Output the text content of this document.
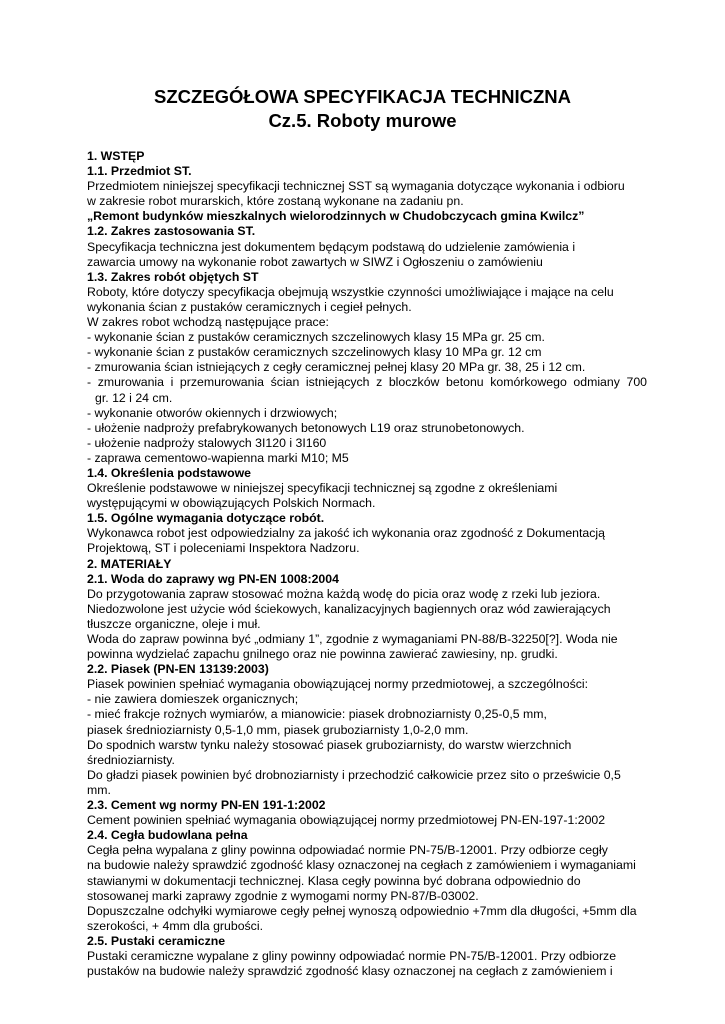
SZCZEGÓŁOWA SPECYFIKACJA TECHNICZNA
Cz.5. Roboty murowe
1. WSTĘP
1.1. Przedmiot ST.
Przedmiotem niniejszej specyfikacji technicznej SST są wymagania dotyczące wykonania i odbioru
w zakresie robot murarskich, które zostaną wykonane na zadaniu pn.
„Remont budynków mieszkalnych wielorodzinnych w Chudobczycach gmina Kwilcz”
1.2. Zakres zastosowania ST.
Specyfikacja techniczna jest dokumentem będącym podstawą do udzielenie zamówienia i
zawarcia umowy na wykonanie robot zawartych w SIWZ i Ogłoszeniu o zamówieniu
1.3. Zakres robót objętych ST
Roboty, które dotyczy specyfikacja obejmują wszystkie czynności umożliwiające i mające na celu
wykonania ścian z pustaków ceramicznych i cegieł pełnych.
W zakres robot wchodzą następujące prace:
- wykonanie ścian z pustaków ceramicznych szczelinowych klasy 15 MPa gr. 25 cm.
- wykonanie ścian z pustaków ceramicznych szczelinowych klasy 10 MPa gr. 12 cm
- zmurowania ścian istniejących z cegły ceramicznej pełnej klasy 20 MPa gr. 38, 25 i 12 cm.
- zmurowania i przemurowania ścian istniejących z bloczków betonu komórkowego odmiany 700
gr. 12 i 24 cm.
- wykonanie otworów okiennych i drzwiowych;
- ułożenie nadproży prefabrykowanych betonowych L19 oraz strunobetonowych.
- ułożenie nadproży stalowych 3I120 i 3I160
- zaprawa cementowo-wapienna marki M10; M5
1.4. Określenia podstawowe
Określenie podstawowe w niniejszej specyfikacji technicznej są zgodne z określeniami
występującymi w obowiązujących Polskich Normach.
1.5. Ogólne wymagania dotyczące robót.
Wykonawca robot jest odpowiedzialny za jakość ich wykonania oraz zgodność z Dokumentacją
Projektową, ST i poleceniami Inspektora Nadzoru.
2. MATERIAŁY
2.1. Woda do zaprawy wg PN-EN 1008:2004
Do przygotowania zapraw stosować można każdą wodę do picia oraz wodę z rzeki lub jeziora.
Niedozwolone jest użycie wód ściekowych, kanalizacyjnych bagiennych oraz wód zawierających
tłuszcze organiczne, oleje i muł.
Woda do zapraw powinna być „odmiany 1”, zgodnie z wymaganiami PN-88/B-32250[?]. Woda nie
powinna wydzielać zapachu gnilnego oraz nie powinna zawierać zawiesiny, np. grudki.
2.2. Piasek (PN-EN 13139:2003)
Piasek powinien spełniać wymagania obowiązującej normy przedmiotowej, a szczególności:
- nie zawiera domieszek organicznych;
- mieć frakcje rożnych wymiarów, a mianowicie: piasek drobnoziarnisty 0,25-0,5 mm,
piasek średnioziarnisty 0,5-1,0 mm, piasek gruboziarnisty 1,0-2,0 mm.
Do spodnich warstw tynku należy stosować piasek gruboziarnisty, do warstw wierzchnich
średnioziarnisty.
Do gładzi piasek powinien być drobnoziarnisty i przechodzić całkowicie przez sito o prześwicie 0,5
mm.
2.3. Cement wg normy PN-EN 191-1:2002
Cement powinien spełniać wymagania obowiązującej normy przedmiotowej PN-EN-197-1:2002
2.4. Cegła budowlana pełna
Cegła pełna wypalana z gliny powinna odpowiadać normie PN-75/B-12001. Przy odbiorze cegły
na budowie należy sprawdzić zgodność klasy oznaczonej na cegłach z zamówieniem i wymaganiami
stawianymi w dokumentacji technicznej. Klasa cegły powinna być dobrana odpowiednio do
stosowanej marki zaprawy zgodnie z wymogami normy PN-87/B-03002.
Dopuszczalne odchyłki wymiarowe cegły pełnej wynoszą odpowiednio +7mm dla długości, +5mm dla
szerokości, + 4mm dla grubości.
2.5. Pustaki ceramiczne
Pustaki ceramiczne wypalane z gliny powinny odpowiadać normie PN-75/B-12001. Przy odbiorze
pustaków na budowie należy sprawdzić zgodność klasy oznaczonej na cegłach z zamówieniem i
